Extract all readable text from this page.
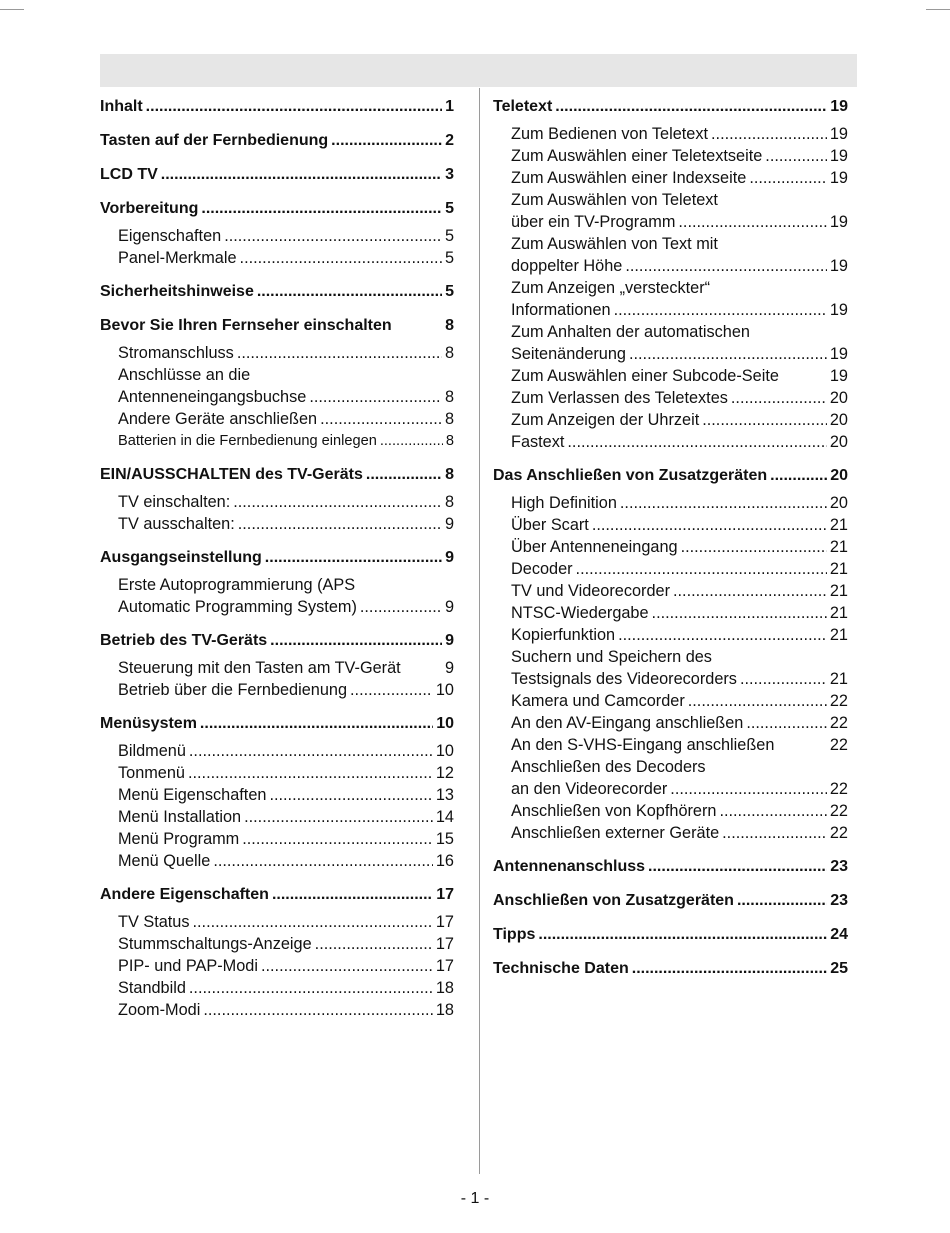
Inhalt .....	1
Tasten auf der Fernbedienung .....	2
LCD TV .....	3
Vorbereitung .....	5
Eigenschaften .....	5
Panel-Merkmale .....	5
Sicherheitshinweise .....	5
Bevor Sie Ihren Fernseher einschalten	8
Stromanschluss .....	8
Anschlüsse an die
Antenneneingangsbuchse .....	8
Andere Geräte anschließen .....	8
Batterien in die Fernbedienung einlegen .....	8
EIN/AUSSCHALTEN des TV-Geräts .....	8
TV einschalten: .....	8
TV ausschalten: .....	9
Ausgangseinstellung .....	9
Erste Autoprogrammierung (APS
Automatic Programming System) .....	9
Betrieb des TV-Geräts .....	9
Steuerung mit den Tasten am TV-Gerät	9
Betrieb über die Fernbedienung .....	10
Menüsystem .....	10
Bildmenü .....	10
Tonmenü .....	12
Menü Eigenschaften .....	13
Menü Installation .....	14
Menü Programm .....	15
Menü Quelle .....	16
Andere Eigenschaften .....	17
TV Status .....	17
Stummschaltungs-Anzeige .....	17
PIP- und PAP-Modi .....	17
Standbild .....	18
Zoom-Modi .....	18
Teletext .....	19
Zum Bedienen von Teletext .....	19
Zum Auswählen einer Teletextseite .....	19
Zum Auswählen einer Indexseite .....	19
Zum Auswählen von Teletext
über ein TV-Programm .....	19
Zum Auswählen von Text mit
doppelter Höhe .....	19
Zum Anzeigen „versteckter“
Informationen .....	19
Zum Anhalten der automatischen
Seitenänderung .....	19
Zum Auswählen einer Subcode-Seite	19
Zum Verlassen des Teletextes .....	20
Zum Anzeigen der Uhrzeit .....	20
Fastext .....	20
Das Anschließen von Zusatzgeräten .....	20
High Definition .....	20
Über Scart .....	21
Über Antenneneingang .....	21
Decoder .....	21
TV und Videorecorder .....	21
NTSC-Wiedergabe .....	21
Kopierfunktion .....	21
Suchern und Speichern des
Testsignals des Videorecorders .....	21
Kamera und Camcorder .....	22
An den AV-Eingang anschließen .....	22
An den S-VHS-Eingang anschließen	22
Anschließen des Decoders
an den Videorecorder .....	22
Anschließen von Kopfhörern .....	22
Anschließen externer Geräte .....	22
Antennenanschluss .....	23
Anschließen von Zusatzgeräten .....	23
Tipps .....	24
Technische Daten .....	25
- 1 -
